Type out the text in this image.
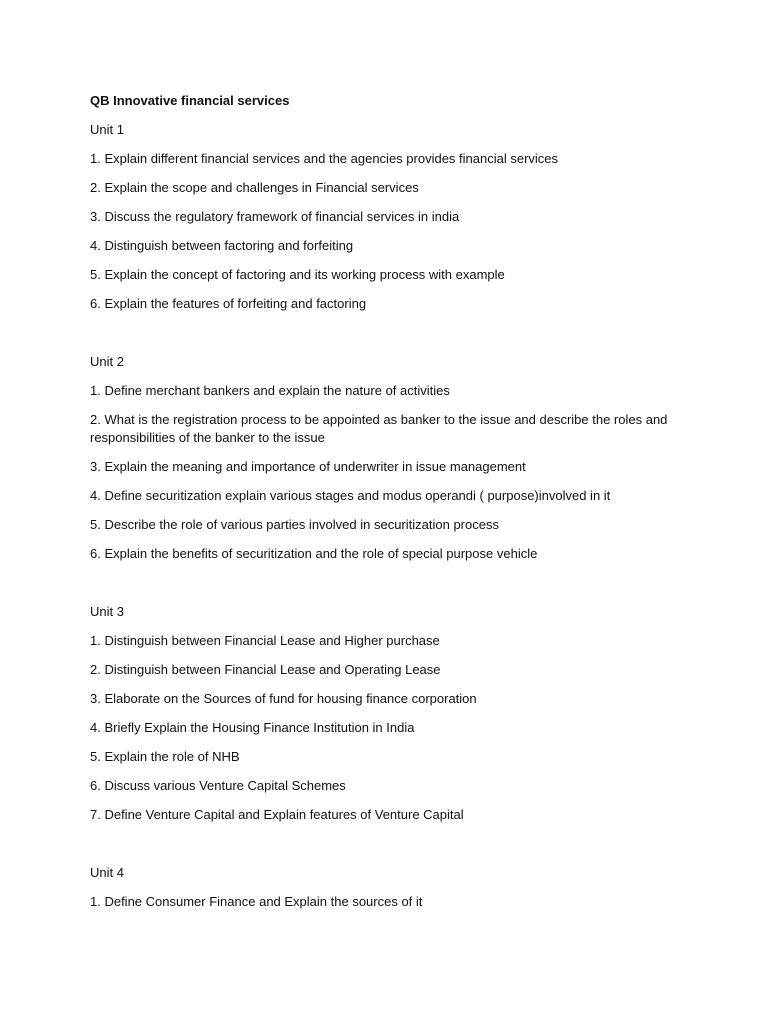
QB Innovative financial services
Unit 1
1. Explain different financial services and the agencies provides financial services
2. Explain the scope and challenges in Financial services
3. Discuss the regulatory framework of financial services in india
4. Distinguish between factoring and forfeiting
5. Explain the concept of factoring and its working process with example
6. Explain the features of forfeiting and factoring
Unit 2
1. Define merchant bankers and explain the nature of activities
2. What is the registration process to be appointed as banker to the issue and describe the roles and responsibilities of the banker to the issue
3. Explain the meaning and importance of underwriter in issue management
4. Define securitization explain various stages and modus operandi ( purpose)involved in it
5. Describe the role of various parties involved in securitization process
6. Explain the benefits of securitization and the role of special purpose vehicle
Unit 3
1. Distinguish between Financial Lease and Higher purchase
2. Distinguish between Financial Lease and Operating Lease
3. Elaborate on the Sources of fund for housing finance corporation
4. Briefly Explain the Housing Finance Institution in India
5. Explain the role of NHB
6. Discuss various Venture Capital Schemes
7. Define Venture Capital and Explain features of Venture Capital
Unit 4
1. Define Consumer Finance and Explain the sources of it
